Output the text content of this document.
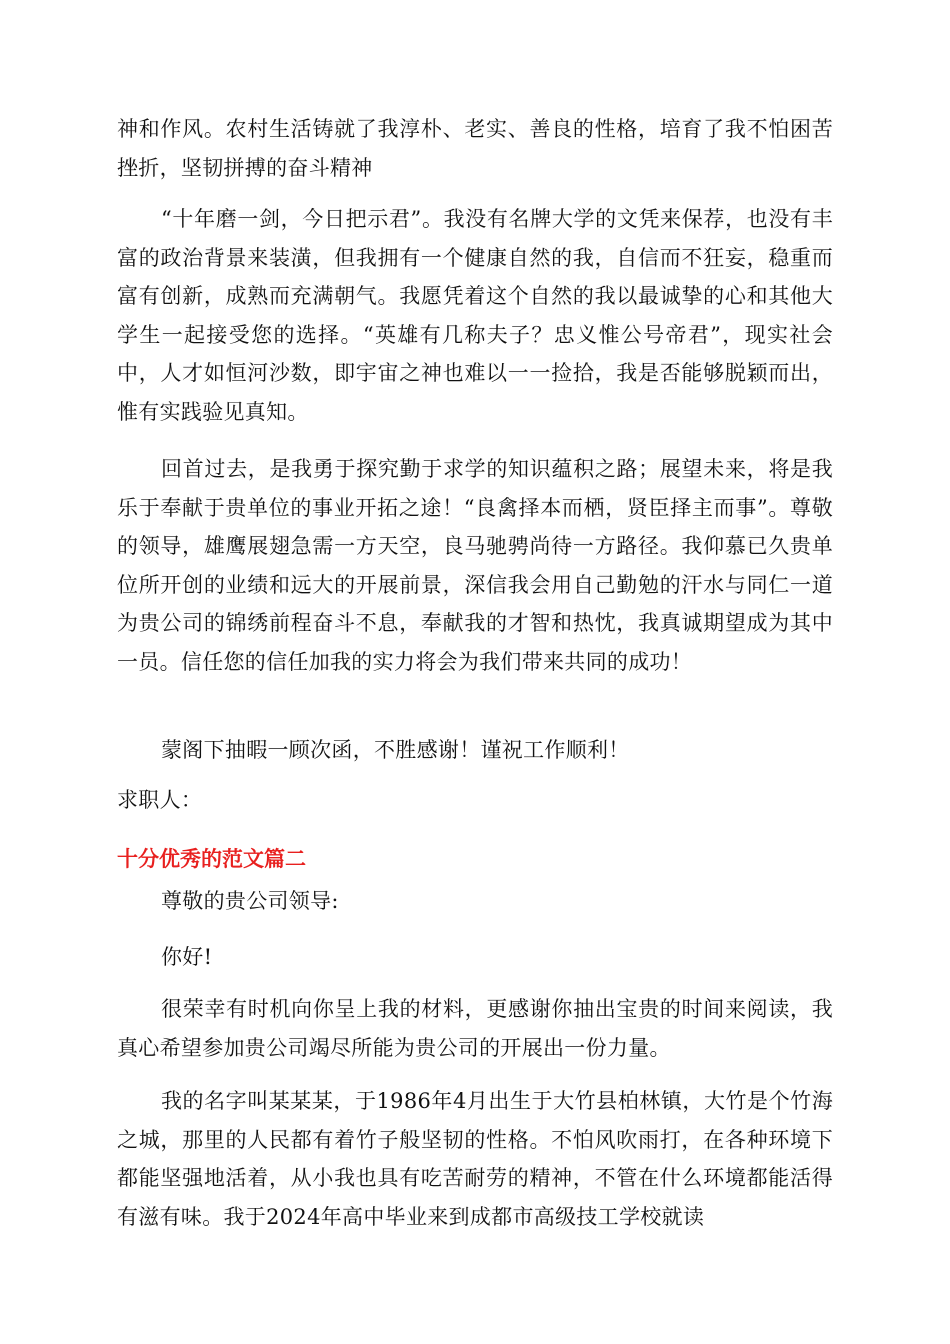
神和作风。农村生活铸就了我淳朴、老实、善良的性格，培育了我不怕困苦挫折，坚韧拼搏的奋斗精神

“十年磨一剑，今日把示君”。我没有名牌大学的文凭来保荐，也没有丰富的政治背景来装潢，但我拥有一个健康自然的我，自信而不狂妄，稳重而富有创新，成熟而充满朝气。我愿凭着这个自然的我以最诚挚的心和其他大学生一起接受您的选择。“英雄有几称夫子？忠义惟公号帝君”，现实社会中，人才如恒河沙数，即宇宙之神也难以一一捡拾，我是否能够脱颖而出，惟有实践验见真知。

回首过去，是我勇于探究勤于求学的知识蕴积之路；展望未来，将是我乐于奉献于贵单位的事业开拓之途！“良禽择本而栖，贤臣择主而事”。尊敬的领导，雄鹰展翅急需一方天空，良马驰骋尚待一方路径。我仰慕已久贵单位所开创的业绩和远大的开展前景，深信我会用自己勤勉的汗水与同仁一道为贵公司的锦绣前程奋斗不息，奉献我的才智和热忱，我真诚期望成为其中一员。信任您的信任加我的实力将会为我们带来共同的成功！

蒙阁下抽暇一顾次函，不胜感谢！谨祝工作顺利！

求职人：

十分优秀的范文篇二

尊敬的贵公司领导:

你好!

很荣幸有时机向你呈上我的材料，更感谢你抽出宝贵的时间来阅读，我真心希望参加贵公司竭尽所能为贵公司的开展出一份力量。

我的名字叫某某某，于1986年4月出生于大竹县柏林镇，大竹是个竹海之城，那里的人民都有着竹子般坚韧的性格。不怕风吹雨打，在各种环境下都能坚强地活着，从小我也具有吃苦耐劳的精神，不管在什么环境都能活得有滋有味。我于2024年高中毕业来到成都市高级技工学校就读
